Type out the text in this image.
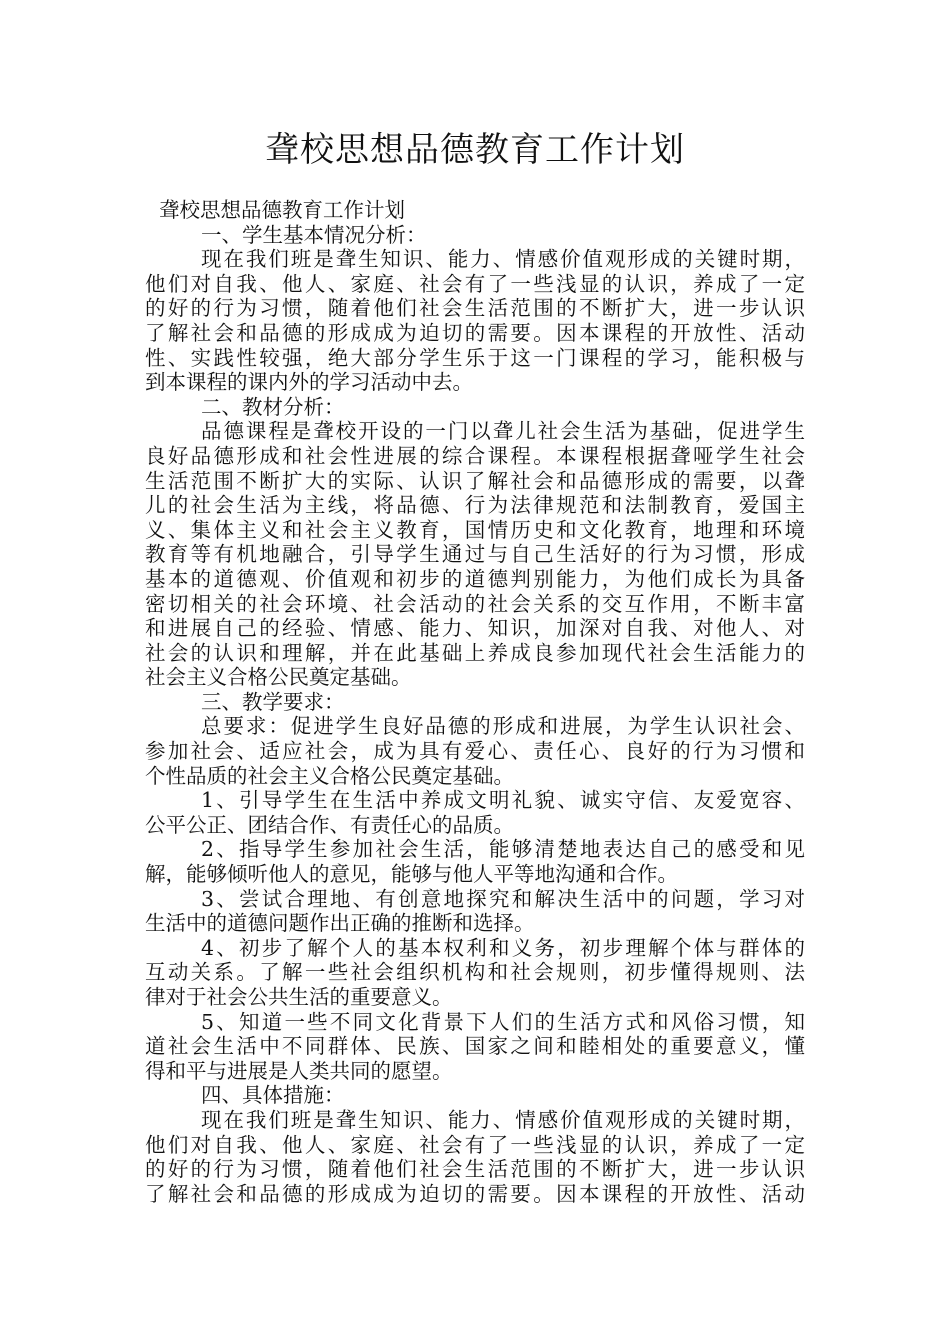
聋校思想品德教育工作计划
聋校思想品德教育工作计划
一、学生基本情况分析：
现在我们班是聋生知识、能力、情感价值观形成的关键时期，
他们对自我、他人、家庭、社会有了一些浅显的认识，养成了一定
的好的行为习惯，随着他们社会生活范围的不断扩大，进一步认识
了解社会和品德的形成成为迫切的需要。因本课程的开放性、活动
性、实践性较强，绝大部分学生乐于这一门课程的学习，能积极与
到本课程的课内外的学习活动中去。
二、教材分析：
品德课程是聋校开设的一门以聋儿社会生活为基础，促进学生
良好品德形成和社会性进展的综合课程。本课程根据聋哑学生社会
生活范围不断扩大的实际、认识了解社会和品德形成的需要，以聋
儿的社会生活为主线，将品德、行为法律规范和法制教育，爱国主
义、集体主义和社会主义教育，国情历史和文化教育，地理和环境
教育等有机地融合，引导学生通过与自己生活好的行为习惯，形成
基本的道德观、价值观和初步的道德判别能力，为他们成长为具备
密切相关的社会环境、社会活动的社会关系的交互作用，不断丰富
和进展自己的经验、情感、能力、知识，加深对自我、对他人、对
社会的认识和理解，并在此基础上养成良参加现代社会生活能力的
社会主义合格公民奠定基础。
三、教学要求：
总要求：促进学生良好品德的形成和进展，为学生认识社会、
参加社会、适应社会，成为具有爱心、责任心、良好的行为习惯和
个性品质的社会主义合格公民奠定基础。
1、引导学生在生活中养成文明礼貌、诚实守信、友爱宽容、
公平公正、团结合作、有责任心的品质。
2、指导学生参加社会生活，能够清楚地表达自己的感受和见
解，能够倾听他人的意见，能够与他人平等地沟通和合作。
3、尝试合理地、有创意地探究和解决生活中的问题，学习对
生活中的道德问题作出正确的推断和选择。
4、初步了解个人的基本权利和义务，初步理解个体与群体的
互动关系。了解一些社会组织机构和社会规则，初步懂得规则、法
律对于社会公共生活的重要意义。
5、知道一些不同文化背景下人们的生活方式和风俗习惯，知
道社会生活中不同群体、民族、国家之间和睦相处的重要意义，懂
得和平与进展是人类共同的愿望。
四、具体措施：
现在我们班是聋生知识、能力、情感价值观形成的关键时期，
他们对自我、他人、家庭、社会有了一些浅显的认识，养成了一定
的好的行为习惯，随着他们社会生活范围的不断扩大，进一步认识
了解社会和品德的形成成为迫切的需要。因本课程的开放性、活动
